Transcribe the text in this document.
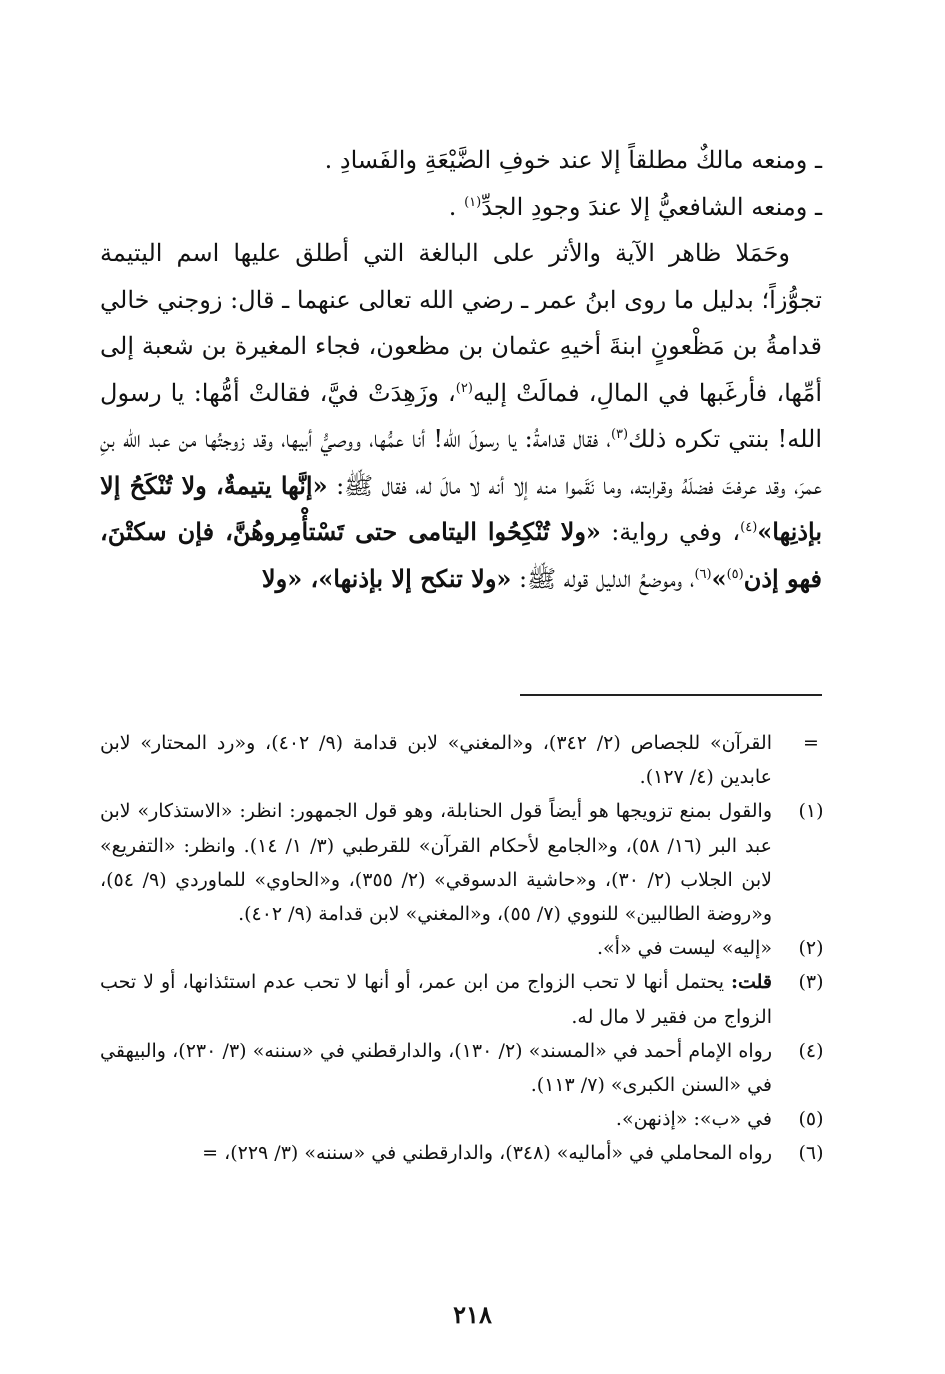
ـ ومنعه مالكٌ مطلقاً إلا عند خوفِ الضَّيْعَةِ والفَسادِ .

ـ ومنعه الشافعيُّ إلا عندَ وجودِ الجدِّ$^{(١)}$ .

وحَمَلا ظاهر الآية والأثر على البالغة التي أطلق عليها اسم اليتيمة تجوُّزاً؛ بدليل ما روى ابنُ عمر ـ رضي الله تعالى عنهما ـ قال: زوجني خالي قدامةُ بن مَظْعونٍ ابنةَ أخيهِ عثمان بن مظعون، فجاء المغيرة بن شعبة إلى أمِّها، فأرغَبها في المالِ، فمالَتْ إليه$^{(٢)}$، وزَهِدَتْ فيَّ، فقالتْ أمُّها: يا رسول الله! بنتي تكره ذلك$^{(٣)}$، فقال قدامةُ: يا رسولَ الله! أنا عمُّها، ووصيُّ أبيها، وقد زوجتُها من عبد الله بنِ عمرَ، وقد عرفتَ فضلَهُ وقرابته، وما نَقَموا منه إلا أنه لا مالَ له، فقال ﷺ: «إنَّها يتيمةٌ، ولا تُنْكَحُ إلا بإذنِها»$^{(٤)}$، وفي رواية: «ولا تُنْكِحُوا اليتامى حتى تَسْتأْمِروهُنَّ، فإن سكتْنَ، فهو إذن$^{(٥)}$»$^{(٦)}$، وموضعُ الدليل قوله ﷺ: «ولا تنكح إلا بإذنها»، «ولا

=
القرآن» للجصاص (٢/ ٣٤٢)، و«المغني» لابن قدامة (٩/ ٤٠٢)، و«رد المحتار» لابن عابدين (٤/ ١٢٧).
(١)
والقول بمنع تزويجها هو أيضاً قول الحنابلة، وهو قول الجمهور: انظر: «الاستذكار» لابن عبد البر (١٦/ ٥٨)، و«الجامع لأحكام القرآن» للقرطبي (٣/ ١/ ١٤). وانظر: «التفريع» لابن الجلاب (٢/ ٣٠)، و«حاشية الدسوقي» (٢/ ٣٥٥)، و«الحاوي» للماوردي (٩/ ٥٤)، و«روضة الطالبين» للنووي (٧/ ٥٥)، و«المغني» لابن قدامة (٩/ ٤٠٢).
(٢)
«إليه» ليست في «أ».
(٣)
قلت: يحتمل أنها لا تحب الزواج من ابن عمر، أو أنها لا تحب عدم استئذانها، أو لا تحب الزواج من فقير لا مال له.
(٤)
رواه الإمام أحمد في «المسند» (٢/ ١٣٠)، والدارقطني في «سننه» (٣/ ٢٣٠)، والبيهقي في «السنن الكبرى» (٧/ ١١٣).
(٥)
في «ب»: «إذنهن».
(٦)
رواه المحاملي في «أماليه» (٣٤٨)، والدارقطني في «سننه» (٣/ ٢٢٩)، =
٢١٨
